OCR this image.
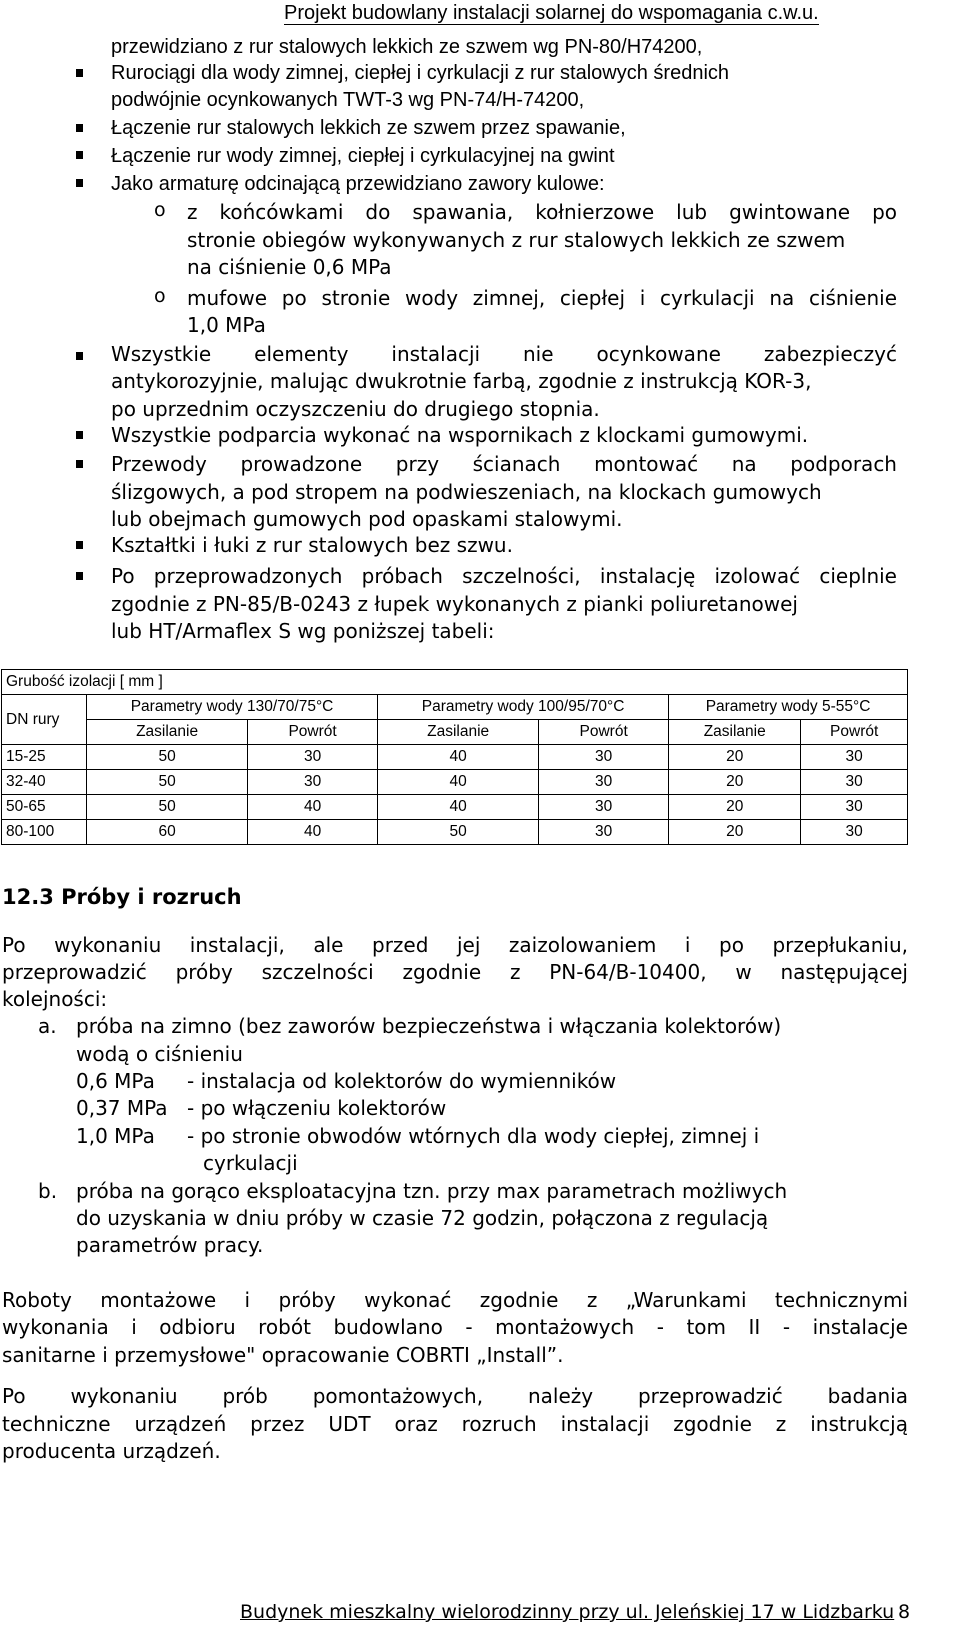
Projekt budowlany instalacji solarnej do wspomagania c.w.u.
przewidziano z rur stalowych lekkich ze szwem wg PN-80/H74200,
Rurociągi dla wody zimnej, ciepłej i cyrkulacji z rur stalowych średnich
podwójnie ocynkowanych TWT-3 wg PN-74/H-74200,
Łączenie rur stalowych lekkich ze szwem przez spawanie,
Łączenie rur wody zimnej, ciepłej i cyrkulacyjnej na gwint
Jako armaturę odcinającą przewidziano zawory kulowe:
o z końcówkami do spawania, kołnierzowe lub gwintowane po
stronie obiegów wykonywanych z rur stalowych lekkich ze szwem
na ciśnienie 0,6 MPa
o mufowe po stronie wody zimnej, ciepłej i cyrkulacji na ciśnienie
1,0 MPa
Wszystkie elementy instalacji nie ocynkowane zabezpieczyć
antykorozyjnie, malując dwukrotnie farbą, zgodnie z instrukcją KOR-3,
po uprzednim oczyszczeniu do drugiego stopnia.
Wszystkie podparcia wykonać na wspornikach z klockami gumowymi.
Przewody prowadzone przy ścianach montować na podporach
ślizgowych, a pod stropem na podwieszeniach, na klockach gumowych
lub obejmach gumowych pod opaskami stalowymi.
Kształtki i łuki z rur stalowych bez szwu.
Po przeprowadzonych próbach szczelności, instalację izolować cieplnie
zgodnie z PN-85/B-0243 z łupek wykonanych z pianki poliuretanowej
lub HT/Armaflex S wg poniższej tabeli:
Grubość izolacji [ mm ]						
DN rury	Parametry wody 130/70/75°C		Parametry wody 100/95/70°C		Parametry wody 5-55°C	
	Zasilanie	Powrót	Zasilanie	Powrót	Zasilanie	Powrót
15-25	50	30	40	30	20	30
32-40	50	30	40	30	20	30
50-65	50	40	40	30	20	30
80-100	60	40	50	30	20	30
12.3 Próby i rozruch
Po wykonaniu instalacji, ale przed jej zaizolowaniem i po przepłukaniu,
przeprowadzić próby szczelności zgodnie z PN-64/B-10400, w następującej
kolejności:
a. próba na zimno (bez zaworów bezpieczeństwa i włączania kolektorów)
wodą o ciśnieniu
0,6 MPa - instalacja od kolektorów do wymienników
0,37 MPa - po włączeniu kolektorów
1,0 MPa - po stronie obwodów wtórnych dla wody ciepłej, zimnej i
cyrkulacji
b. próba na gorąco eksploatacyjna tzn. przy max parametrach możliwych
do uzyskania w dniu próby w czasie 72 godzin, połączona z regulacją
parametrów pracy.
Roboty montażowe i próby wykonać zgodnie z „Warunkami technicznymi
wykonania i odbioru robót budowlano - montażowych - tom II - instalacje
sanitarne i przemysłowe" opracowanie COBRTI „Install”.
Po wykonaniu prób pomontażowych, należy przeprowadzić badania
techniczne urządzeń przez UDT oraz rozruch instalacji zgodnie z instrukcją
producenta urządzeń.
Budynek mieszkalny wielorodzinny przy ul. Jeleńskiej 17 w Lidzbarku 8
